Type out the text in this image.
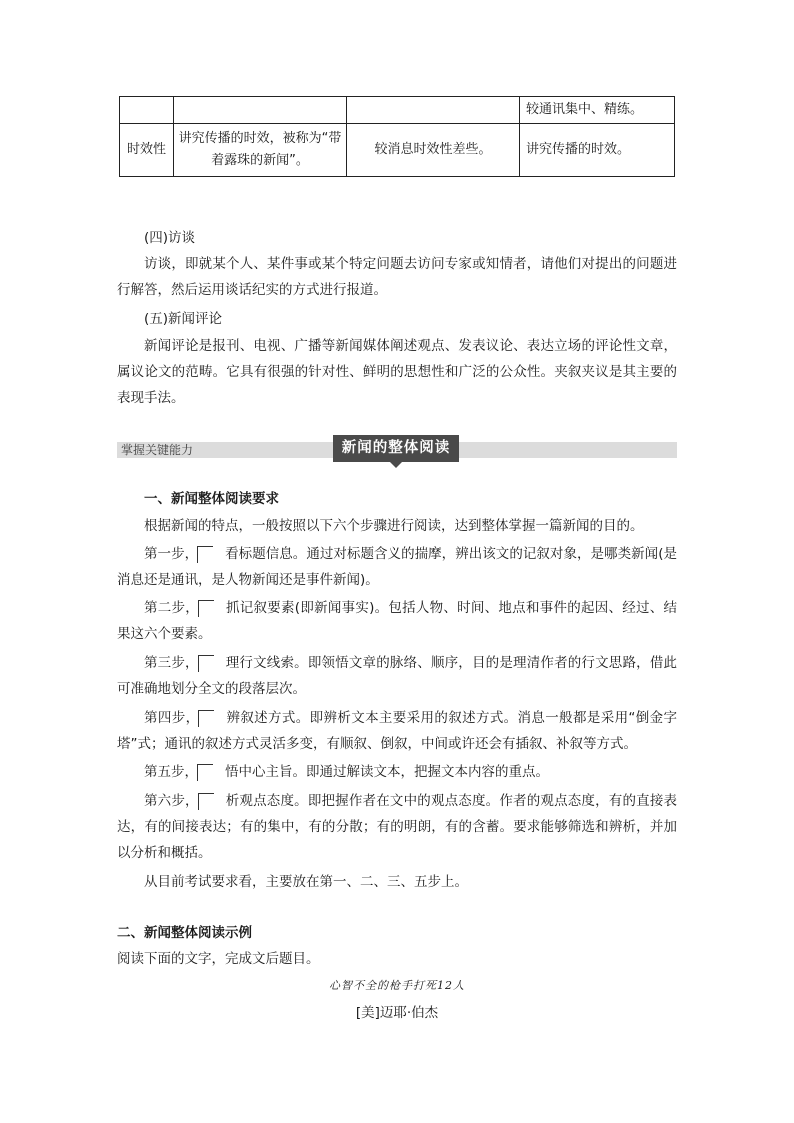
			较通讯集中、精练。
时效性	讲究传播的时效，被称为“带着露珠的新闻”。	较消息时效性差些。	讲究传播的时效。

(四)访谈

访谈，即就某个人、某件事或某个特定问题去访问专家或知情者，请他们对提出的问题进行解答，然后运用谈话纪实的方式进行报道。

(五)新闻评论

新闻评论是报刊、电视、广播等新闻媒体阐述观点、发表议论、表达立场的评论性文章，属议论文的范畴。它具有很强的针对性、鲜明的思想性和广泛的公众性。夹叙夹议是其主要的表现手法。

掌握关键能力	新闻的整体阅读

一、新闻整体阅读要求

根据新闻的特点，一般按照以下六个步骤进行阅读，达到整体掌握一篇新闻的目的。

第一步， 看标题信息。通过对标题含义的揣摩，辨出该文的记叙对象，是哪类新闻(是消息还是通讯，是人物新闻还是事件新闻)。

第二步， 抓记叙要素(即新闻事实)。包括人物、时间、地点和事件的起因、经过、结果这六个要素。

第三步， 理行文线索。即领悟文章的脉络、顺序，目的是理清作者的行文思路，借此可准确地划分全文的段落层次。

第四步， 辨叙述方式。即辨析文本主要采用的叙述方式。消息一般都是采用“倒金字塔”式；通讯的叙述方式灵活多变，有顺叙、倒叙，中间或许还会有插叙、补叙等方式。

第五步， 悟中心主旨。即通过解读文本，把握文本内容的重点。

第六步， 析观点态度。即把握作者在文中的观点态度。作者的观点态度，有的直接表达，有的间接表达；有的集中，有的分散；有的明朗，有的含蓄。要求能够筛选和辨析，并加以分析和概括。

从目前考试要求看，主要放在第一、二、三、五步上。

二、新闻整体阅读示例

阅读下面的文字，完成文后题目。

心智不全的枪手打死12人

[美]迈耶·伯杰
